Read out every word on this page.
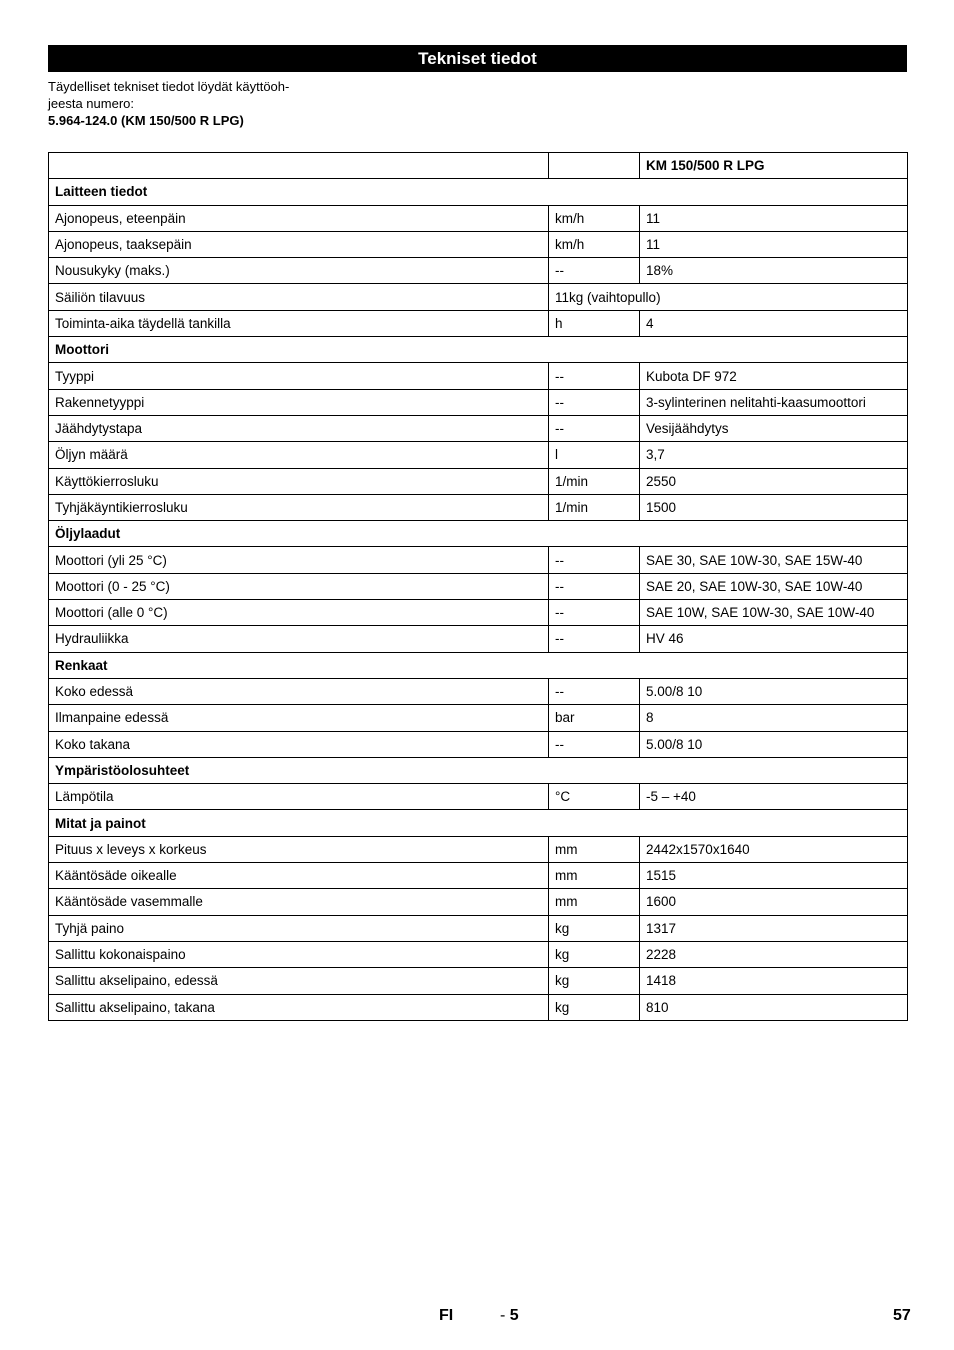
Tekniset tiedot
Täydelliset tekniset tiedot löydät käyttöoh-
jeesta numero:
5.964-124.0 (KM 150/500 R LPG)
		KM 150/500 R LPG
Laitteen tiedot		
Ajonopeus, eteenpäin	km/h	11
Ajonopeus, taaksepäin	km/h	11
Nousukyky (maks.)	--	18%
Säiliön tilavuus	11kg (vaihtopullo)	
Toiminta-aika täydellä tankilla	h	4
Moottori		
Tyyppi	--	Kubota DF 972
Rakennetyyppi	--	3-sylinterinen nelitahti-kaasumoottori
Jäähdytystapa	--	Vesijäähdytys
Öljyn määrä	l	3,7
Käyttökierrosluku	1/min	2550
Tyhjäkäyntikierrosluku	1/min	1500
Öljylaadut		
Moottori (yli 25 °C)	--	SAE 30, SAE 10W-30, SAE 15W-40
Moottori (0 - 25 °C)	--	SAE 20, SAE 10W-30, SAE 10W-40
Moottori (alle 0 °C)	--	SAE 10W, SAE 10W-30, SAE 10W-40
Hydrauliikka	--	HV 46
Renkaat		
Koko edessä	--	5.00/8 10
Ilmanpaine edessä	bar	8
Koko takana	--	5.00/8 10
Ympäristöolosuhteet		
Lämpötila	°C	-5 – +40
Mitat ja painot		
Pituus x leveys x korkeus	mm	2442x1570x1640
Kääntösäde oikealle	mm	1515
Kääntösäde vasemmalle	mm	1600
Tyhjä paino	kg	1317
Sallittu kokonaispaino	kg	2228
Sallittu akselipaino, edessä	kg	1418
Sallittu akselipaino, takana	kg	810
FI	- 5	57
